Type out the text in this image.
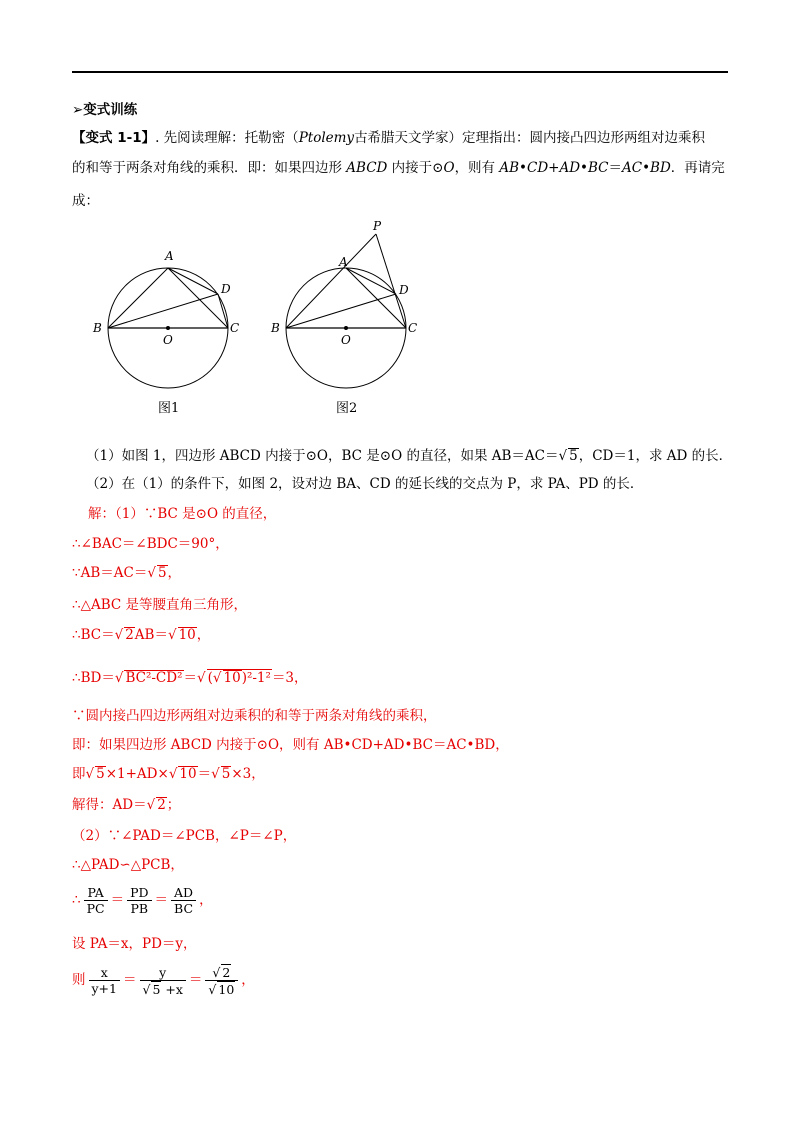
➢变式训练
【变式 1-1】. 先阅读理解：托勒密（Ptolemy古希腊天文学家）定理指出：圆内接凸四边形两组对边乘积
的和等于两条对角线的乘积．即：如果四边形 ABCD 内接于⊙O，则有 AB•CD+AD•BC＝AC•BD．再请完
成：
A
B	C
D
O
图1
P
A
B	C
D
O
图2
（1）如图 1，四边形 ABCD 内接于⊙O，BC 是⊙O 的直径，如果 AB＝AC＝√ 5，CD＝1，求 AD 的长．
（2）在（1）的条件下，如图 2，设对边 BA、CD 的延长线的交点为 P，求 PA、PD 的长．
解：（1）∵BC 是⊙O 的直径，
∴∠BAC＝∠BDC＝90°，
∵AB＝AC＝√ 5，
∴△ABC 是等腰直角三角形，
∴BC＝√ 2AB＝√ 10，
∴BD＝√ BC²-CD²＝√ (√ 10)²-1²＝3，
∵圆内接凸四边形两组对边乘积的和等于两条对角线的乘积，
即：如果四边形 ABCD 内接于⊙O，则有 AB•CD+AD•BC＝AC•BD，
即√ 5×1+AD×√ 10＝√ 5×3，
解得：AD＝√ 2；
（2）∵∠PAD＝∠PCB，∠P＝∠P，
∴△PAD∽△PCB，
∴ $\frac{PA}{PC} = \frac{PD}{PB} = \frac{AD}{BC}$ ，
设 PA＝x，PD＝y，
则 $\frac{x}{y+1} = \frac{y}{√ 5 +x} = \frac{√ 2}{√ 10}$ ，
